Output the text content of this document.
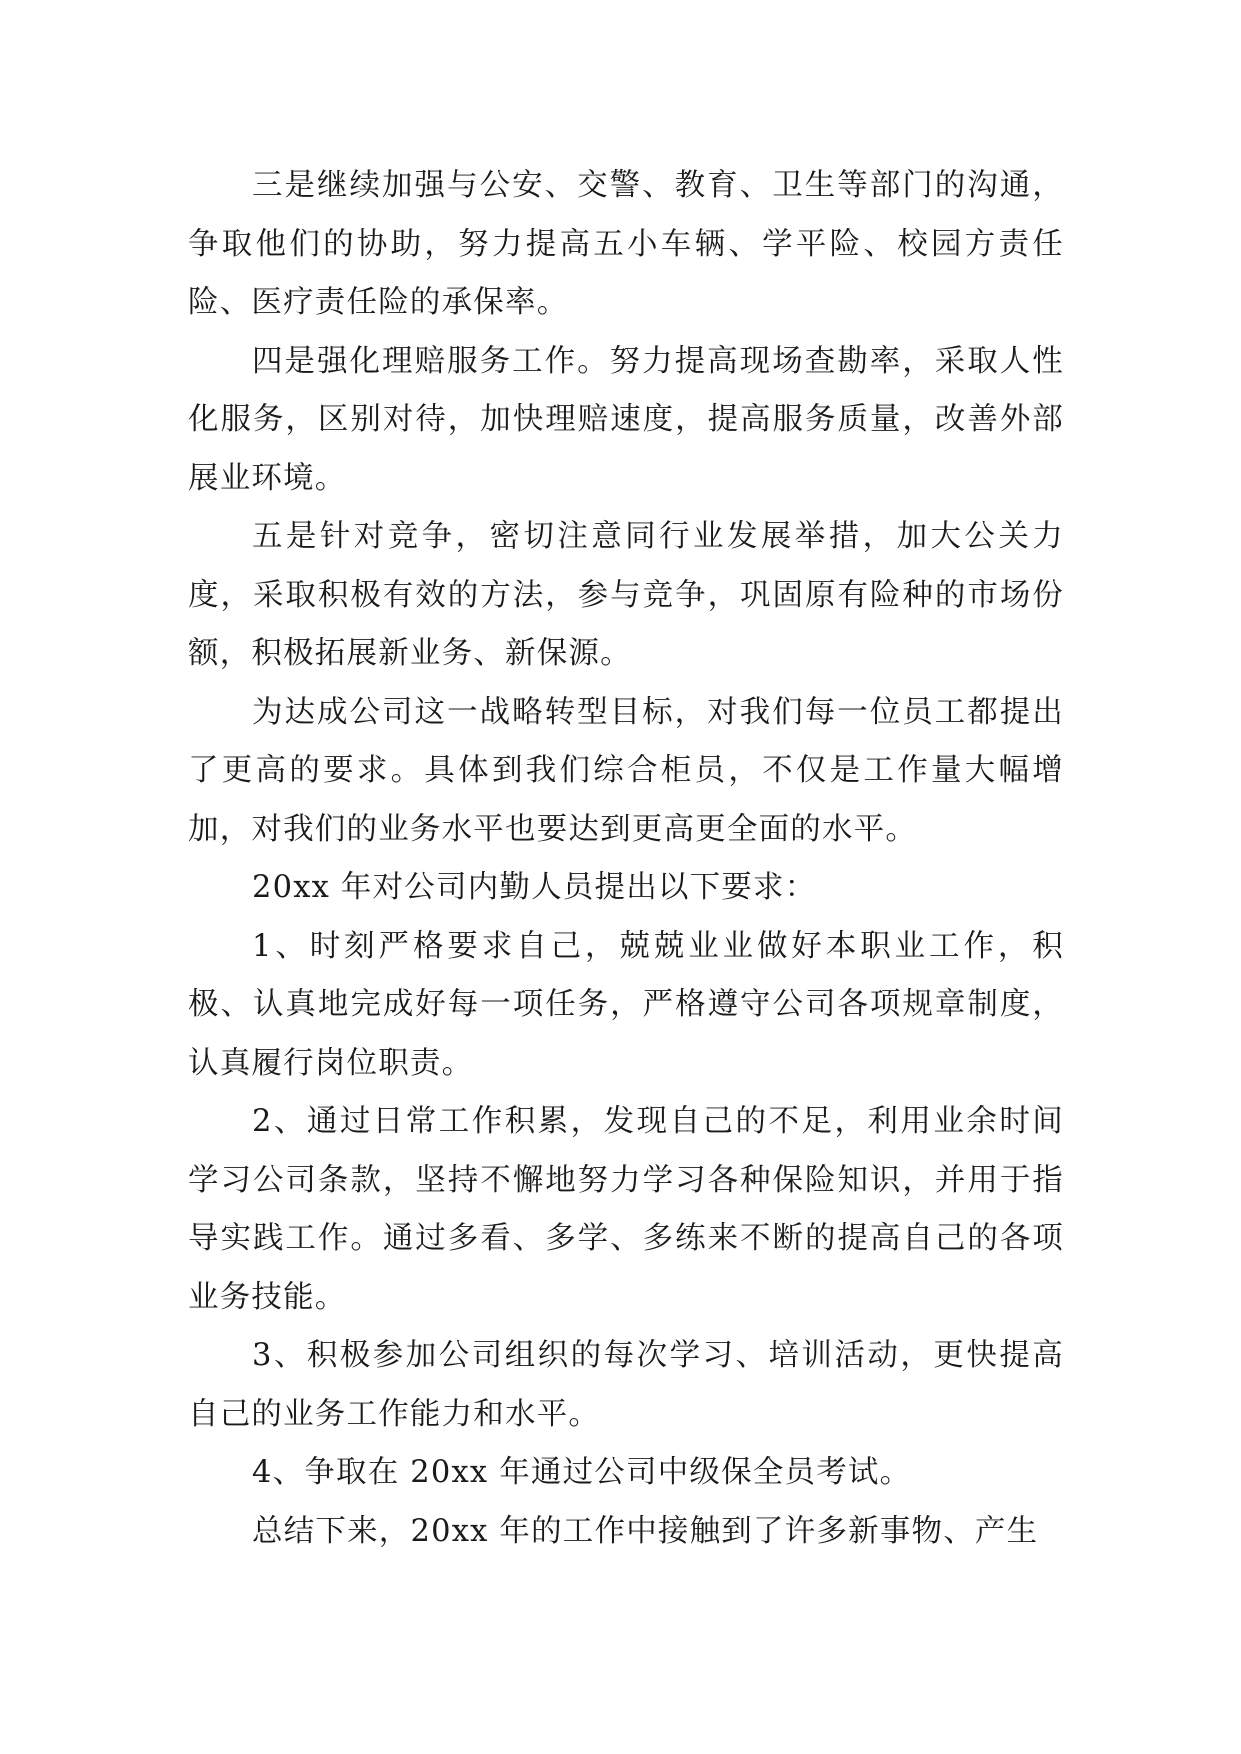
三是继续加强与公安、交警、教育、卫生等部门的沟通，争取他们的协助，努力提高五小车辆、学平险、校园方责任险、医疗责任险的承保率。

四是强化理赔服务工作。努力提高现场查勘率，采取人性化服务，区别对待，加快理赔速度，提高服务质量，改善外部展业环境。

五是针对竞争，密切注意同行业发展举措，加大公关力度，采取积极有效的方法，参与竞争，巩固原有险种的市场份额，积极拓展新业务、新保源。

为达成公司这一战略转型目标，对我们每一位员工都提出了更高的要求。具体到我们综合柜员，不仅是工作量大幅增加，对我们的业务水平也要达到更高更全面的水平。

20xx 年对公司内勤人员提出以下要求：

1、时刻严格要求自己，兢兢业业做好本职业工作，积极、认真地完成好每一项任务，严格遵守公司各项规章制度，认真履行岗位职责。

2、通过日常工作积累，发现自己的不足，利用业余时间学习公司条款，坚持不懈地努力学习各种保险知识，并用于指导实践工作。通过多看、多学、多练来不断的提高自己的各项业务技能。

3、积极参加公司组织的每次学习、培训活动，更快提高自己的业务工作能力和水平。

4、争取在 20xx 年通过公司中级保全员考试。

总结下来，20xx 年的工作中接触到了许多新事物、产生
